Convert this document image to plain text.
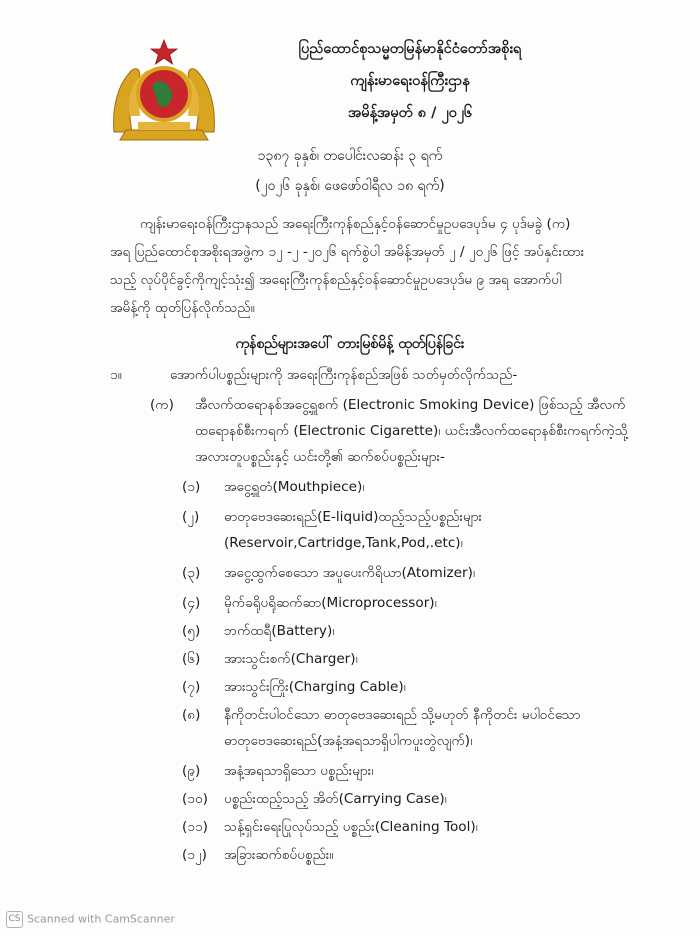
ပြည်ထောင်စုသမ္မတမြန်မာနိုင်ငံတော်အစိုးရ
ကျန်းမာရေးဝန်ကြီးဌာန
အမိန့်အမှတ် ၈ / ၂၀၂၆
၁၃၈၇ ခုနှစ်၊ တပေါင်းလဆန်း ၃ ရက်
(၂၀၂၆ ခုနှစ်၊ ဖေဖော်ဝါရီလ ၁၈ ရက်)
ကျန်းမာရေးဝန်ကြီးဌာနသည် အရေးကြီးကုန်စည်နှင့်ဝန်ဆောင်မှုဥပဒေပုဒ်မ ၄ ပုဒ်မခွဲ (က)
အရ ပြည်ထောင်စုအစိုးရအဖွဲ့က ၁၂ -၂ -၂၀၂၆ ရက်စွဲပါ အမိန့်အမှတ် ၂ / ၂၀၂၆ ဖြင့် အပ်နှင်းထား
သည့် လုပ်ပိုင်ခွင့်ကိုကျင့်သုံး၍ အရေးကြီးကုန်စည်နှင့်ဝန်ဆောင်မှုဥပဒေပုဒ်မ ၉ အရ အောက်ပါ
အမိန့်ကို ထုတ်ပြန်လိုက်သည်။
ကုန်စည်များအပေါ် တားမြစ်မိန့် ထုတ်ပြန်ခြင်း
၁။	အောက်ပါပစ္စည်းများကို အရေးကြီးကုန်စည်အဖြစ် သတ်မှတ်လိုက်သည်-
(က) အီလက်ထရောနစ်အငွေ့ရှူစက် (Electronic Smoking Device) ဖြစ်သည့် အီလက်
ထရောနစ်စီးကရက် (Electronic Cigarette)၊ ယင်းအီလက်ထရောနစ်စီးကရက်ကဲ့သို့
အလားတူပစ္စည်းနှင့် ယင်းတို့၏ ဆက်စပ်ပစ္စည်းများ-
(၁) အငွေ့ရှူတံ(Mouthpiece)၊
(၂) ဓာတုဗေဒဆေးရည်(E-liquid)ထည့်သည့်ပစ္စည်းများ
(Reservoir,Cartridge,Tank,Pod,.etc)၊
(၃) အငွေ့ထွက်စေသော အပူပေးကိရိယာ(Atomizer)၊
(၄) မိုက်ခရိုပရိုဆက်ဆာ(Microprocessor)၊
(၅) ဘက်ထရီ(Battery)၊
(၆) အားသွင်းစက်(Charger)၊
(၇) အားသွင်းကြိုး(Charging Cable)၊
(၈) နီကိုတင်းပါဝင်သော ဓာတုဗေဒဆေးရည် သို့မဟုတ် နီကိုတင်း မပါဝင်သော
ဓာတုဗေဒဆေးရည်(အနံ့အရသာရှိပါကပူးတွဲလျက်)၊
(၉) အနံ့အရသာရှိသော ပစ္စည်းများ၊
(၁၀) ပစ္စည်းထည့်သည့် အိတ်(Carrying Case)၊
(၁၁) သန့်ရှင်းရေးပြုလုပ်သည့် ပစ္စည်း(Cleaning Tool)၊
(၁၂) အခြားဆက်စပ်ပစ္စည်း။
CS Scanned with CamScanner
